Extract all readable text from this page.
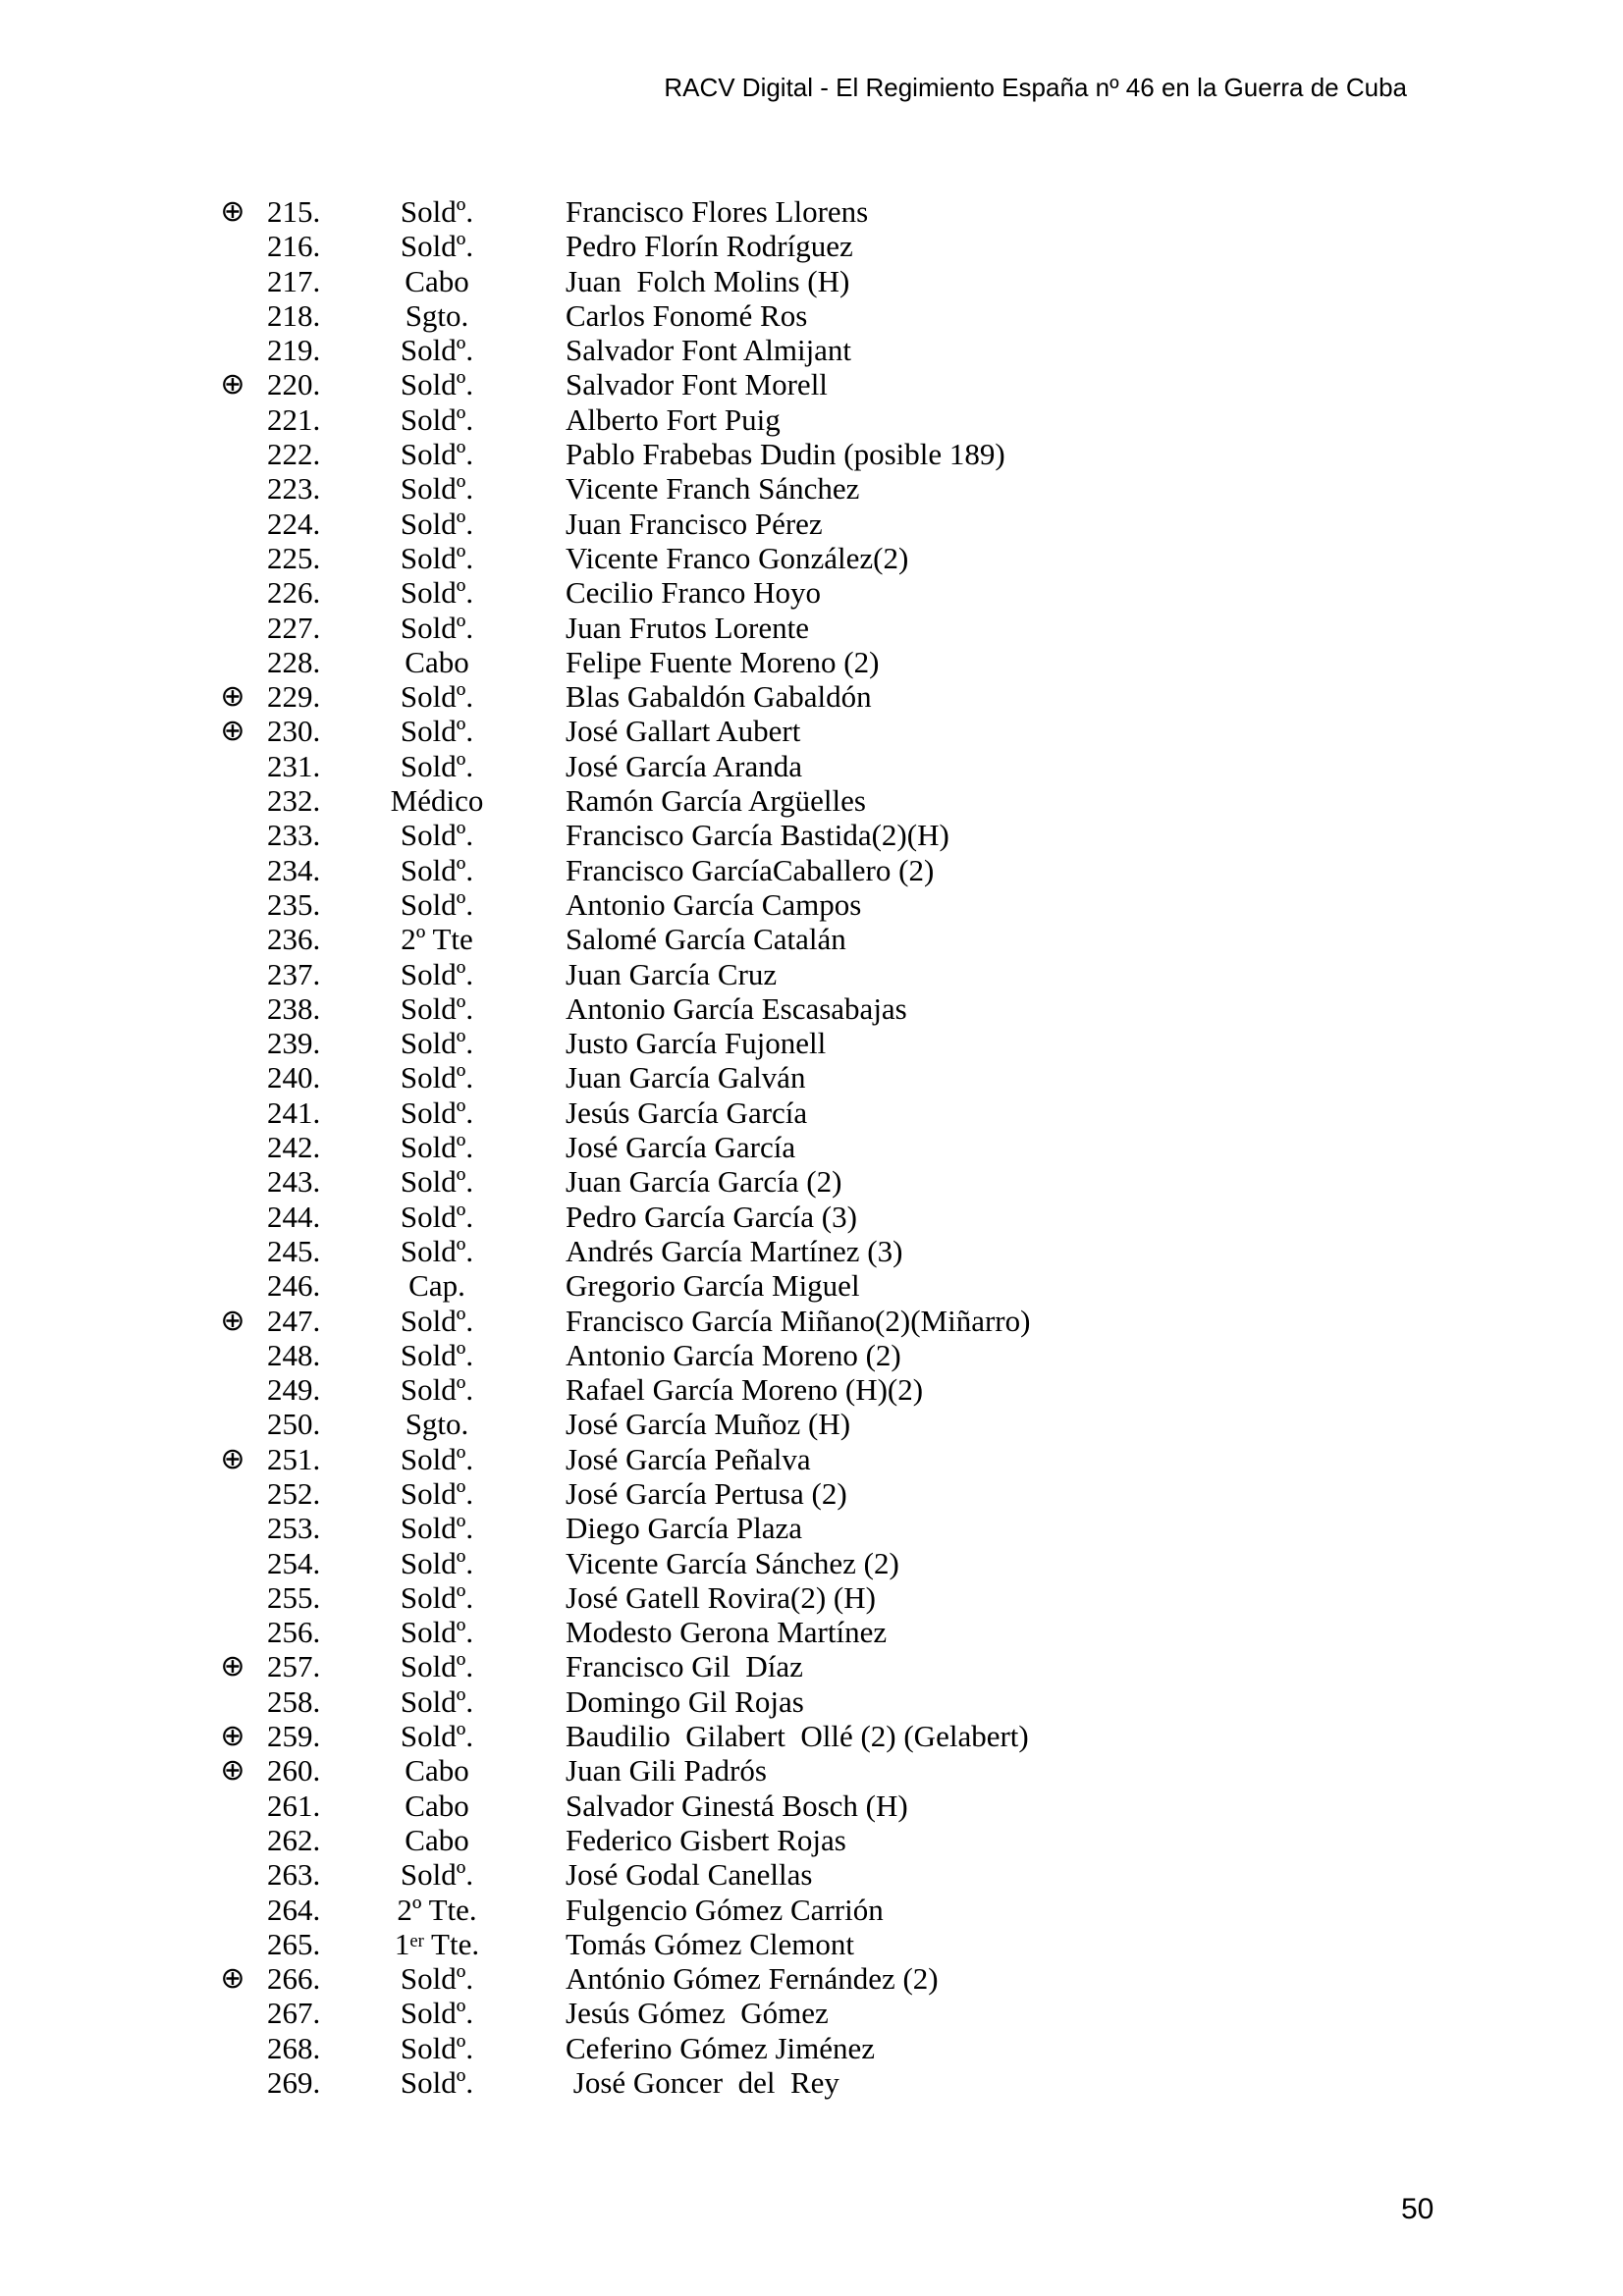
RACV Digital - El Regimiento España nº 46 en la Guerra de Cuba
⊕ 215.	Soldº.	Francisco Flores Llorens
216.	Soldº.	Pedro Florín Rodríguez
217.	Cabo	Juan  Folch Molins (H)
218.	Sgto.	Carlos Fonomé Ros
219.	Soldº.	Salvador Font Almijant
⊕ 220.	Soldº.	Salvador Font Morell
221.	Soldº.	Alberto Fort Puig
222.	Soldº.	Pablo Frabebas Dudin (posible 189)
223.	Soldº.	Vicente Franch Sánchez
224.	Soldº.	Juan Francisco Pérez
225.	Soldº.	Vicente Franco González(2)
226.	Soldº.	Cecilio Franco Hoyo
227.	Soldº.	Juan Frutos Lorente
228.	Cabo	Felipe Fuente Moreno (2)
⊕ 229.	Soldº.	Blas Gabaldón Gabaldón
⊕ 230.	Soldº.	José Gallart Aubert
231.	Soldº.	José García Aranda
232.	Médico	Ramón García Argüelles
233.	Soldº.	Francisco García Bastida(2)(H)
234.	Soldº.	Francisco GarcíaCaballero (2)
235.	Soldº.	Antonio García Campos
236.	2º Tte	Salomé García Catalán
237.	Soldº.	Juan García Cruz
238.	Soldº.	Antonio García Escasabajas
239.	Soldº.	Justo García Fujonell
240.	Soldº.	Juan García Galván
241.	Soldº.	Jesús García García
242.	Soldº.	José García García
243.	Soldº.	Juan García García (2)
244.	Soldº.	Pedro García García (3)
245.	Soldº.	Andrés García Martínez (3)
246.	Cap.	Gregorio García Miguel
⊕ 247.	Soldº.	Francisco García Miñano(2)(Miñarro)
248.	Soldº.	Antonio García Moreno (2)
249.	Soldº.	Rafael García Moreno (H)(2)
250.	Sgto.	José García Muñoz (H)
⊕ 251.	Soldº.	José García Peñalva
252.	Soldº.	José García Pertusa (2)
253.	Soldº.	Diego García Plaza
254.	Soldº.	Vicente García Sánchez (2)
255.	Soldº.	José Gatell Rovira(2) (H)
256.	Soldº.	Modesto Gerona Martínez
⊕ 257.	Soldº.	Francisco Gil  Díaz
258.	Soldº.	Domingo Gil Rojas
⊕ 259.	Soldº.	Baudilio  Gilabert  Ollé (2) (Gelabert)
⊕ 260.	Cabo	Juan Gili Padrós
261.	Cabo	Salvador Ginestá Bosch (H)
262.	Cabo	Federico Gisbert Rojas
263.	Soldº.	José Godal Canellas
264.	2º Tte.	Fulgencio Gómez Carrión
265.	1er Tte.	Tomás Gómez Clemont
⊕ 266.	Soldº.	António Gómez Fernández (2)
267.	Soldº.	Jesús Gómez  Gómez
268.	Soldº.	Ceferino Gómez Jiménez
269.	Soldº.	José Goncer  del  Rey
50
